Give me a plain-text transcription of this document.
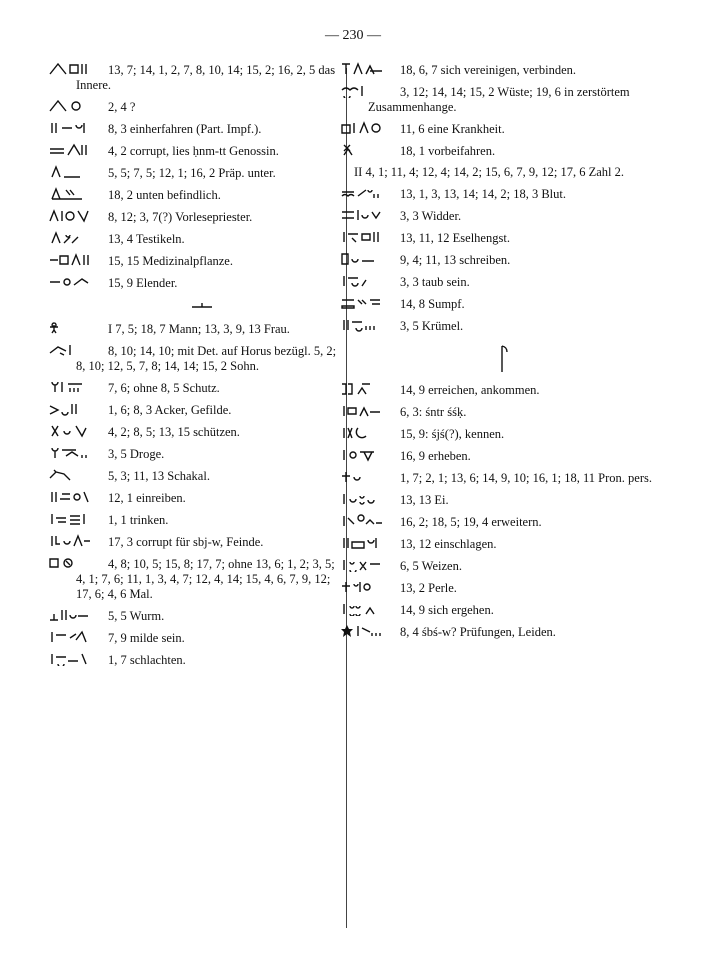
— 230 —
13, 7; 14, 1, 2, 7, 8, 10, 14; 15, 2; 16, 2, 5 das Innere.
2, 4 ?
8, 3 einherfahren (Part. Impf.).
4, 2 corrupt, lies ḥnm-tt Genossin.
5, 5; 7, 5; 12, 1; 16, 2 Präp. unter.
18, 2 unten befindlich.
8, 12; 3, 7(?) Vorlesepriester.
13, 4 Testikeln.
15, 15 Medizinalpflanze.
15, 9 Elender.
I 7, 5; 18, 7 Mann; 13, 3, 9, 13 Frau.
8, 10; 14, 10; mit Det. auf Horus bezügl. 5, 2; 8, 10; 12, 5, 7, 8; 14, 14; 15, 2 Sohn.
7, 6; ohne 8, 5 Schutz.
1, 6; 8, 3 Acker, Gefilde.
4, 2; 8, 5; 13, 15 schützen.
3, 5 Droge.
5, 3; 11, 13 Schakal.
12, 1 einreiben.
1, 1 trinken.
17, 3 corrupt für sbj-w, Feinde.
4, 8; 10, 5; 15, 8; 17, 7; ohne 13, 6; 1, 2; 3, 5; 4, 1; 7, 6; 11, 1, 3, 4, 7; 12, 4, 14; 15, 4, 6, 7, 9, 12; 17, 6; 4, 6 Mal.
5, 5 Wurm.
7, 9 milde sein.
1, 7 schlachten.
18, 6, 7 sich vereinigen, verbinden.
3, 12; 14, 14; 15, 2 Wüste; 19, 6 in zerstörtem Zusammenhange.
11, 6 eine Krankheit.
18, 1 vorbeifahren.
II 4, 1; 11, 4; 12, 4; 14, 2; 15, 6, 7, 9, 12; 17, 6 Zahl 2.
13, 1, 3, 13, 14; 14, 2; 18, 3 Blut.
3, 3 Widder.
13, 11, 12 Eselhengst.
9, 4; 11, 13 schreiben.
3, 3 taub sein.
14, 8 Sumpf.
3, 5 Krümel.
14, 9 erreichen, ankommen.
6, 3: śntr śśḳ.
15, 9: śjś(?), kennen.
16, 9 erheben.
1, 7; 2, 1; 13, 6; 14, 9, 10; 16, 1; 18, 11 Pron. pers.
13, 13 Ei.
16, 2; 18, 5; 19, 4 erweitern.
13, 12 einschlagen.
6, 5 Weizen.
13, 2 Perle.
14, 9 sich ergehen.
8, 4 śbś-w? Prüfungen, Leiden.
